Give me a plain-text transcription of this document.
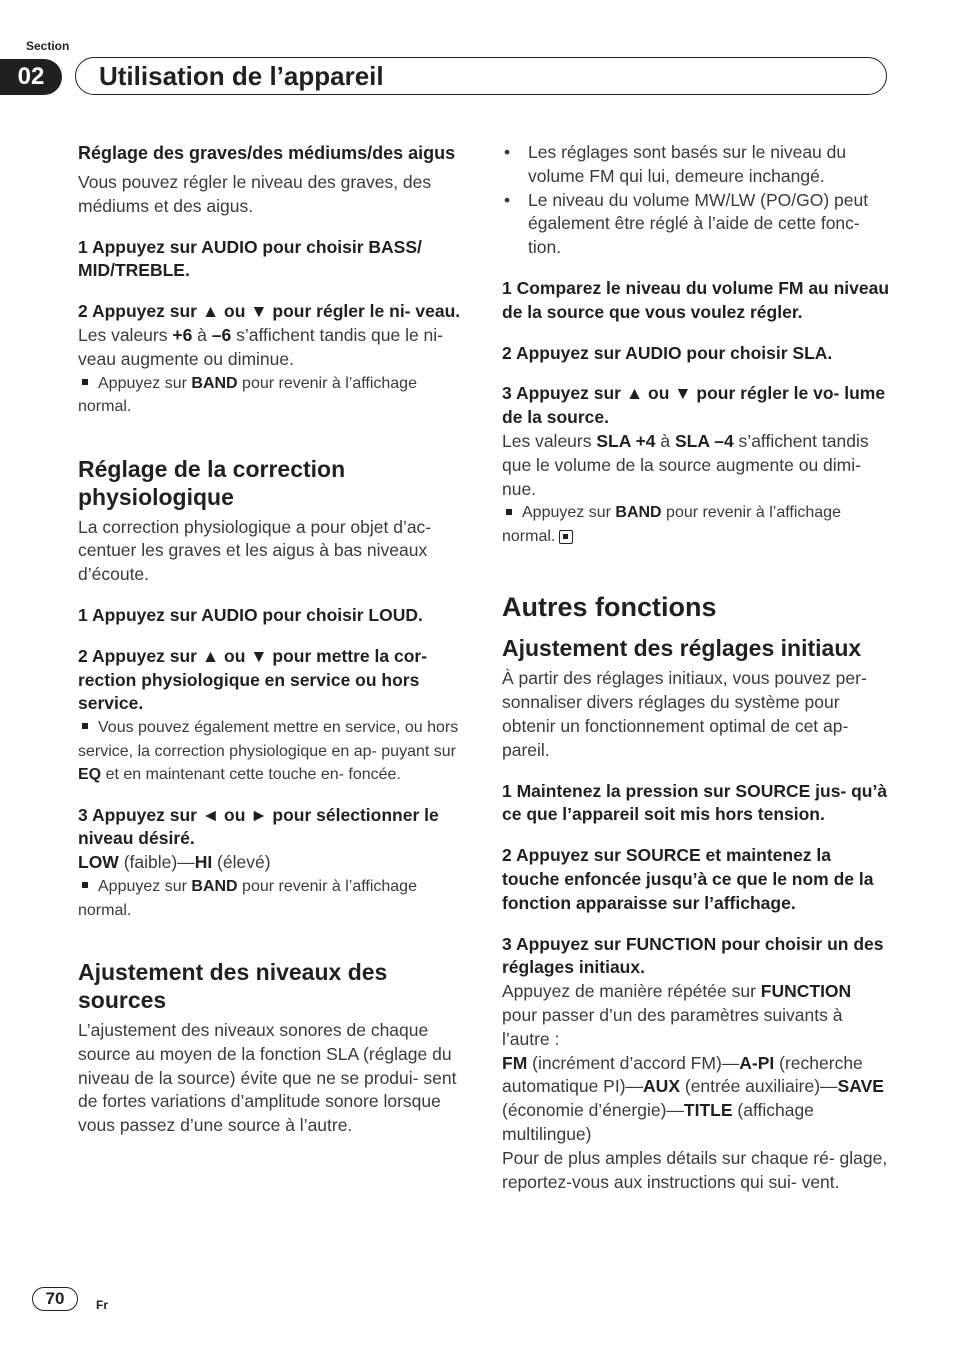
Section
02	Utilisation de l’appareil

Réglage des graves/des médiums/des aigus

Vous pouvez régler le niveau des graves, des médiums et des aigus.

1 Appuyez sur AUDIO pour choisir BASS/ MID/TREBLE.

2 Appuyez sur ▲ ou ▼ pour régler le ni- veau.

Les valeurs +6 à –6 s’affichent tandis que le ni- veau augmente ou diminue.

Appuyez sur BAND pour revenir à l’affichage normal.

Réglage de la correction physiologique

La correction physiologique a pour objet d’ac- centuer les graves et les aigus à bas niveaux d’écoute.

1 Appuyez sur AUDIO pour choisir LOUD.

2 Appuyez sur ▲ ou ▼ pour mettre la cor- rection physiologique en service ou hors service.

Vous pouvez également mettre en service, ou hors service, la correction physiologique en ap- puyant sur EQ et en maintenant cette touche en- foncée.

3 Appuyez sur ◄ ou ► pour sélectionner le niveau désiré.

LOW (faible)—HI (élevé)

Appuyez sur BAND pour revenir à l’affichage normal.

Ajustement des niveaux des sources

L’ajustement des niveaux sonores de chaque source au moyen de la fonction SLA (réglage du niveau de la source) évite que ne se produi- sent de fortes variations d’amplitude sonore lorsque vous passez d’une source à l’autre.

• Les réglages sont basés sur le niveau du volume FM qui lui, demeure inchangé.

• Le niveau du volume MW/LW (PO/GO) peut également être réglé à l’aide de cette fonc- tion.

1 Comparez le niveau du volume FM au niveau de la source que vous voulez régler.

2 Appuyez sur AUDIO pour choisir SLA.

3 Appuyez sur ▲ ou ▼ pour régler le vo- lume de la source.

Les valeurs SLA +4 à SLA –4 s’affichent tandis que le volume de la source augmente ou dimi- nue.

Appuyez sur BAND pour revenir à l’affichage normal.

Autres fonctions

Ajustement des réglages initiaux

À partir des réglages initiaux, vous pouvez per- sonnaliser divers réglages du système pour obtenir un fonctionnement optimal de cet ap- pareil.

1 Maintenez la pression sur SOURCE jus- qu’à ce que l’appareil soit mis hors tension.

2 Appuyez sur SOURCE et maintenez la touche enfoncée jusqu’à ce que le nom de la fonction apparaisse sur l’affichage.

3 Appuyez sur FUNCTION pour choisir un des réglages initiaux.

Appuyez de manière répétée sur FUNCTION pour passer d’un des paramètres suivants à l’autre :

FM (incrément d’accord FM)—A-PI (recherche automatique PI)—AUX (entrée auxiliaire)—SAVE (économie d’énergie)—TITLE (affichage multilingue)

Pour de plus amples détails sur chaque ré- glage, reportez-vous aux instructions qui sui- vent.

70	Fr
